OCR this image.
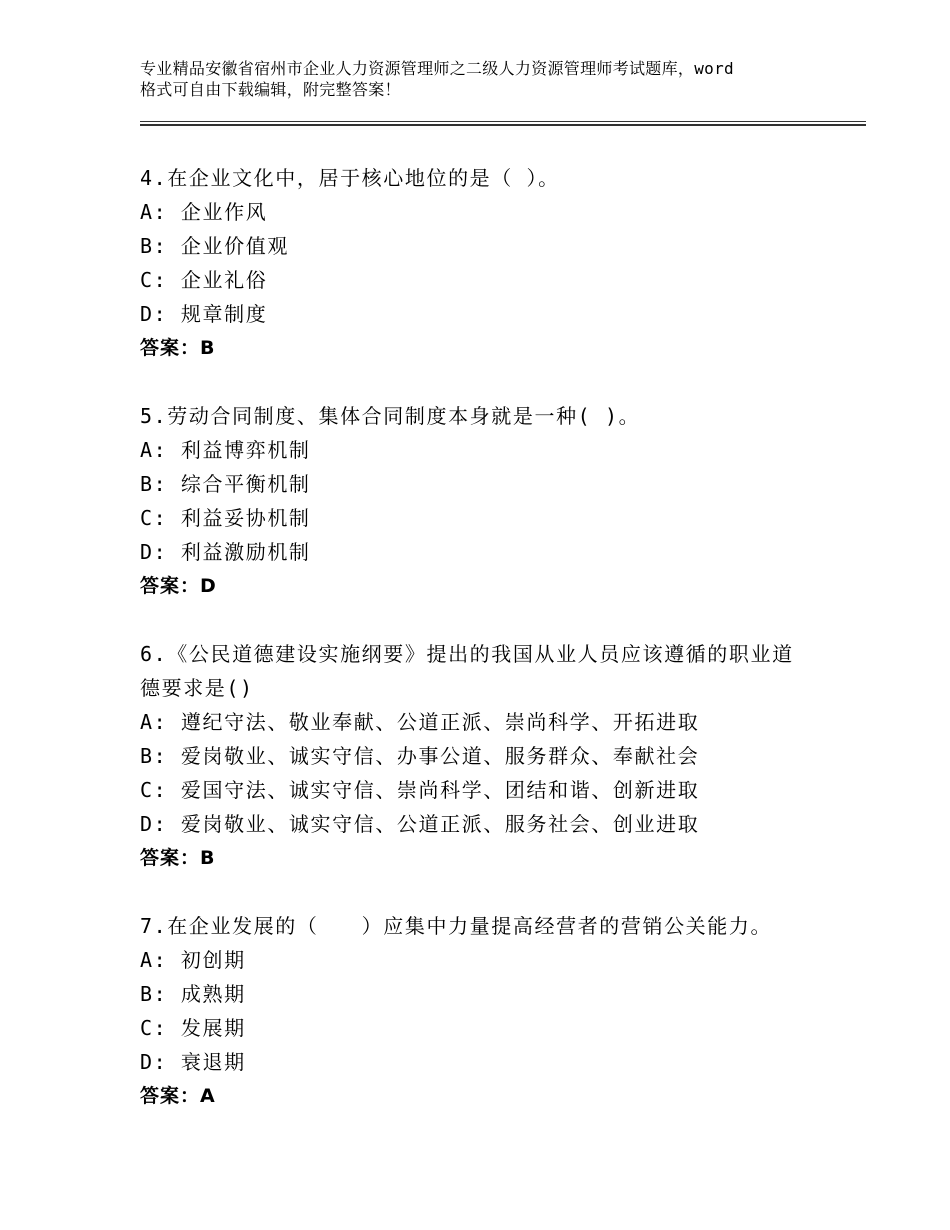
专业精品安徽省宿州市企业人力资源管理师之二级人力资源管理师考试题库，word
格式可自由下载编辑，附完整答案！
4.在企业文化中，居于核心地位的是（ ）。
A: 企业作风
B: 企业价值观
C: 企业礼俗
D: 规章制度
答案：B
5.劳动合同制度、集体合同制度本身就是一种( )。
A: 利益博弈机制
B: 综合平衡机制
C: 利益妥协机制
D: 利益激励机制
答案：D
6.《公民道德建设实施纲要》提出的我国从业人员应该遵循的职业道
德要求是()
A: 遵纪守法、敬业奉献、公道正派、崇尚科学、开拓进取
B: 爱岗敬业、诚实守信、办事公道、服务群众、奉献社会
C: 爱国守法、诚实守信、崇尚科学、团结和谐、创新进取
D: 爱岗敬业、诚实守信、公道正派、服务社会、创业进取
答案：B
7.在企业发展的（　　）应集中力量提高经营者的营销公关能力。
A: 初创期
B: 成熟期
C: 发展期
D: 衰退期
答案：A
